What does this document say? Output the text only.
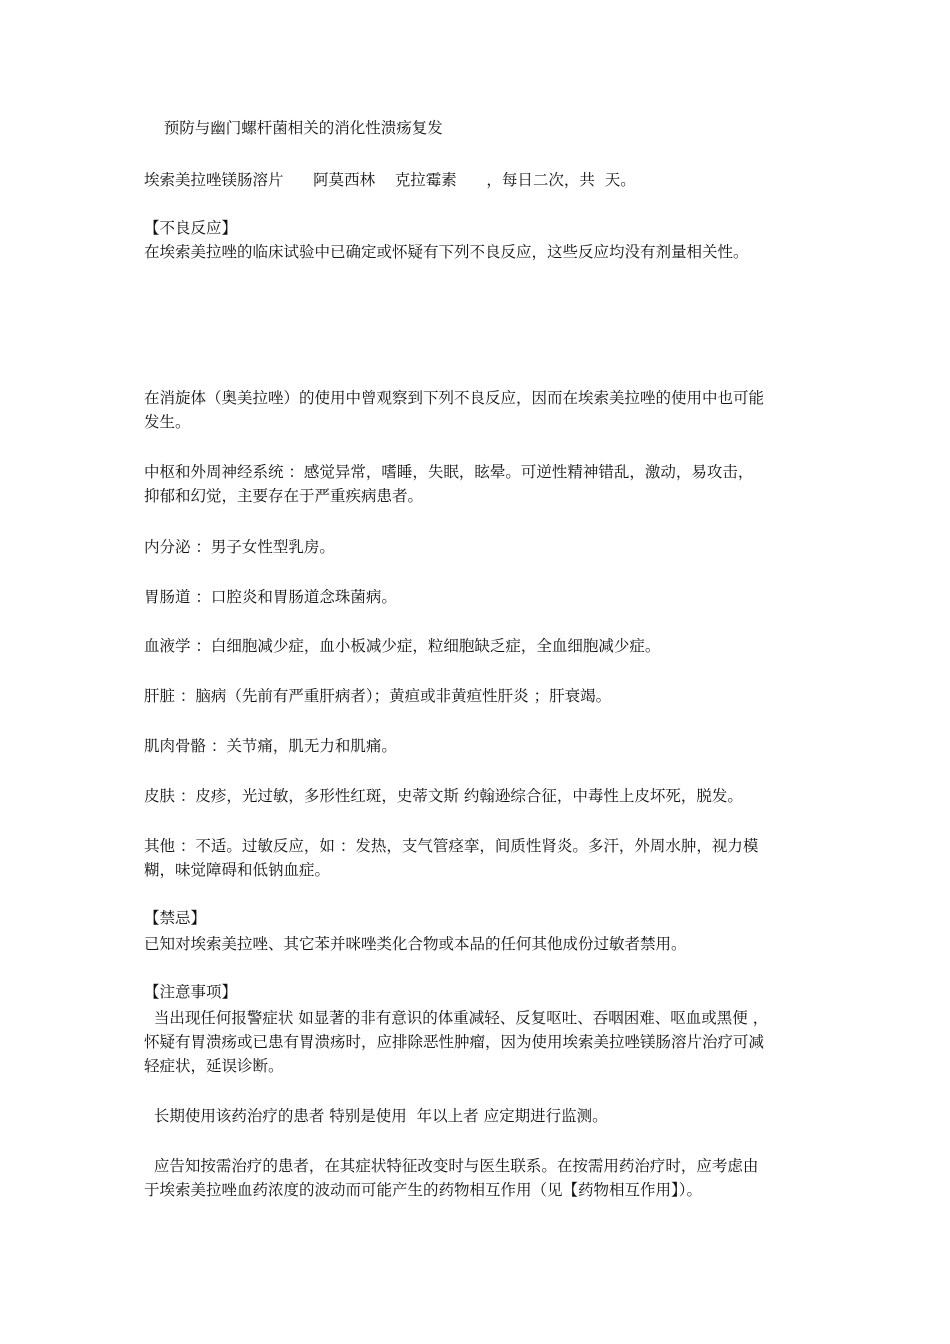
预防与幽门螺杆菌相关的消化性溃疡复发
埃索美拉唑镁肠溶片      阿莫西林    克拉霉素      ，每日二次，共  天。
【不良反应】
在埃索美拉唑的临床试验中已确定或怀疑有下列不良反应，这些反应均没有剂量相关性。
在消旋体（奥美拉唑）的使用中曾观察到下列不良反应，因而在埃索美拉唑的使用中也可能
发生。
中枢和外周神经系统 ：感觉异常，嗜睡，失眠，眩晕。可逆性精神错乱，激动，易攻击，
抑郁和幻觉，主要存在于严重疾病患者。
内分泌 ：男子女性型乳房。
胃肠道 ：口腔炎和胃肠道念珠菌病。
血液学 ：白细胞减少症，血小板减少症，粒细胞缺乏症，全血细胞减少症。
肝脏 ：脑病（先前有严重肝病者）；黄疸或非黄疸性肝炎 ；肝衰竭。
肌肉骨骼 ：关节痛，肌无力和肌痛。
皮肤 ：皮疹，光过敏，多形性红斑，史蒂文斯 约翰逊综合征，中毒性上皮坏死，脱发。
其他 ：不适。过敏反应，如 ：发热，支气管痉挛，间质性肾炎。多汗，外周水肿，视力模
糊，味觉障碍和低钠血症。
【禁忌】
已知对埃索美拉唑、其它苯并咪唑类化合物或本品的任何其他成份过敏者禁用。
【注意事项】
当出现任何报警症状 如显著的非有意识的体重减轻、反复呕吐、吞咽困难、呕血或黑便 ，
怀疑有胃溃疡或已患有胃溃疡时，应排除恶性肿瘤，因为使用埃索美拉唑镁肠溶片治疗可减
轻症状，延误诊断。
长期使用该药治疗的患者 特别是使用  年以上者 应定期进行监测。
应告知按需治疗的患者，在其症状特征改变时与医生联系。在按需用药治疗时，应考虑由
于埃索美拉唑血药浓度的波动而可能产生的药物相互作用（见【药物相互作用】）。
